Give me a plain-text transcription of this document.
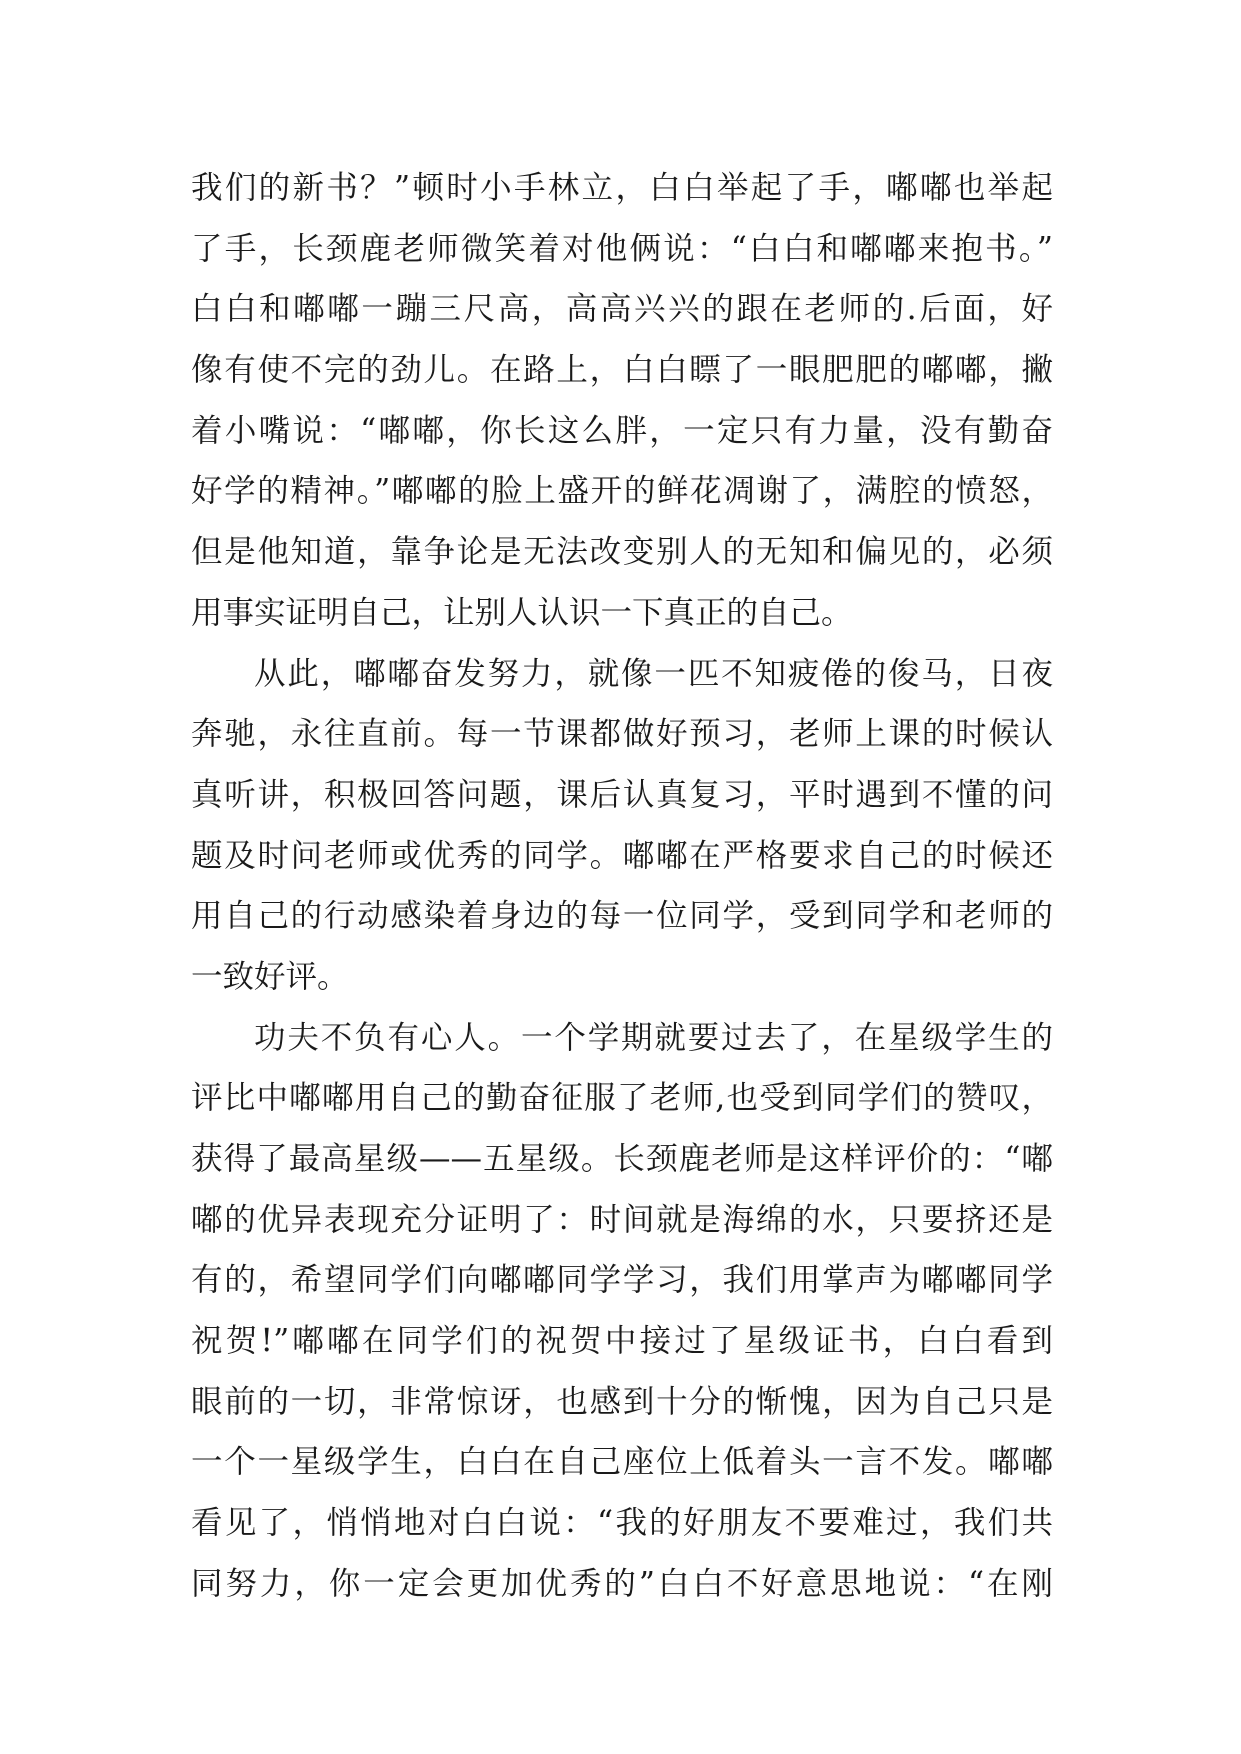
我们的新书？”顿时小手林立，白白举起了手，嘟嘟也举起
了手，长颈鹿老师微笑着对他俩说：“白白和嘟嘟来抱书。”
白白和嘟嘟一蹦三尺高，高高兴兴的跟在老师的.后面，好
像有使不完的劲儿。在路上，白白瞟了一眼肥肥的嘟嘟，撇
着小嘴说：“嘟嘟，你长这么胖，一定只有力量，没有勤奋
好学的精神。”嘟嘟的脸上盛开的鲜花凋谢了，满腔的愤怒，
但是他知道，靠争论是无法改变别人的无知和偏见的，必须
用事实证明自己，让别人认识一下真正的自己。
从此，嘟嘟奋发努力，就像一匹不知疲倦的俊马，日夜
奔驰，永往直前。每一节课都做好预习，老师上课的时候认
真听讲，积极回答问题，课后认真复习，平时遇到不懂的问
题及时问老师或优秀的同学。嘟嘟在严格要求自己的时候还
用自己的行动感染着身边的每一位同学，受到同学和老师的
一致好评。
功夫不负有心人。一个学期就要过去了，在星级学生的
评比中嘟嘟用自己的勤奋征服了老师,也受到同学们的赞叹，
获得了最高星级——五星级。长颈鹿老师是这样评价的：“嘟
嘟的优异表现充分证明了：时间就是海绵的水，只要挤还是
有的，希望同学们向嘟嘟同学学习，我们用掌声为嘟嘟同学
祝贺!”嘟嘟在同学们的祝贺中接过了星级证书，白白看到
眼前的一切，非常惊讶，也感到十分的惭愧，因为自己只是
一个一星级学生，白白在自己座位上低着头一言不发。嘟嘟
看见了，悄悄地对白白说：“我的好朋友不要难过，我们共
同努力，你一定会更加优秀的”白白不好意思地说：“在刚
